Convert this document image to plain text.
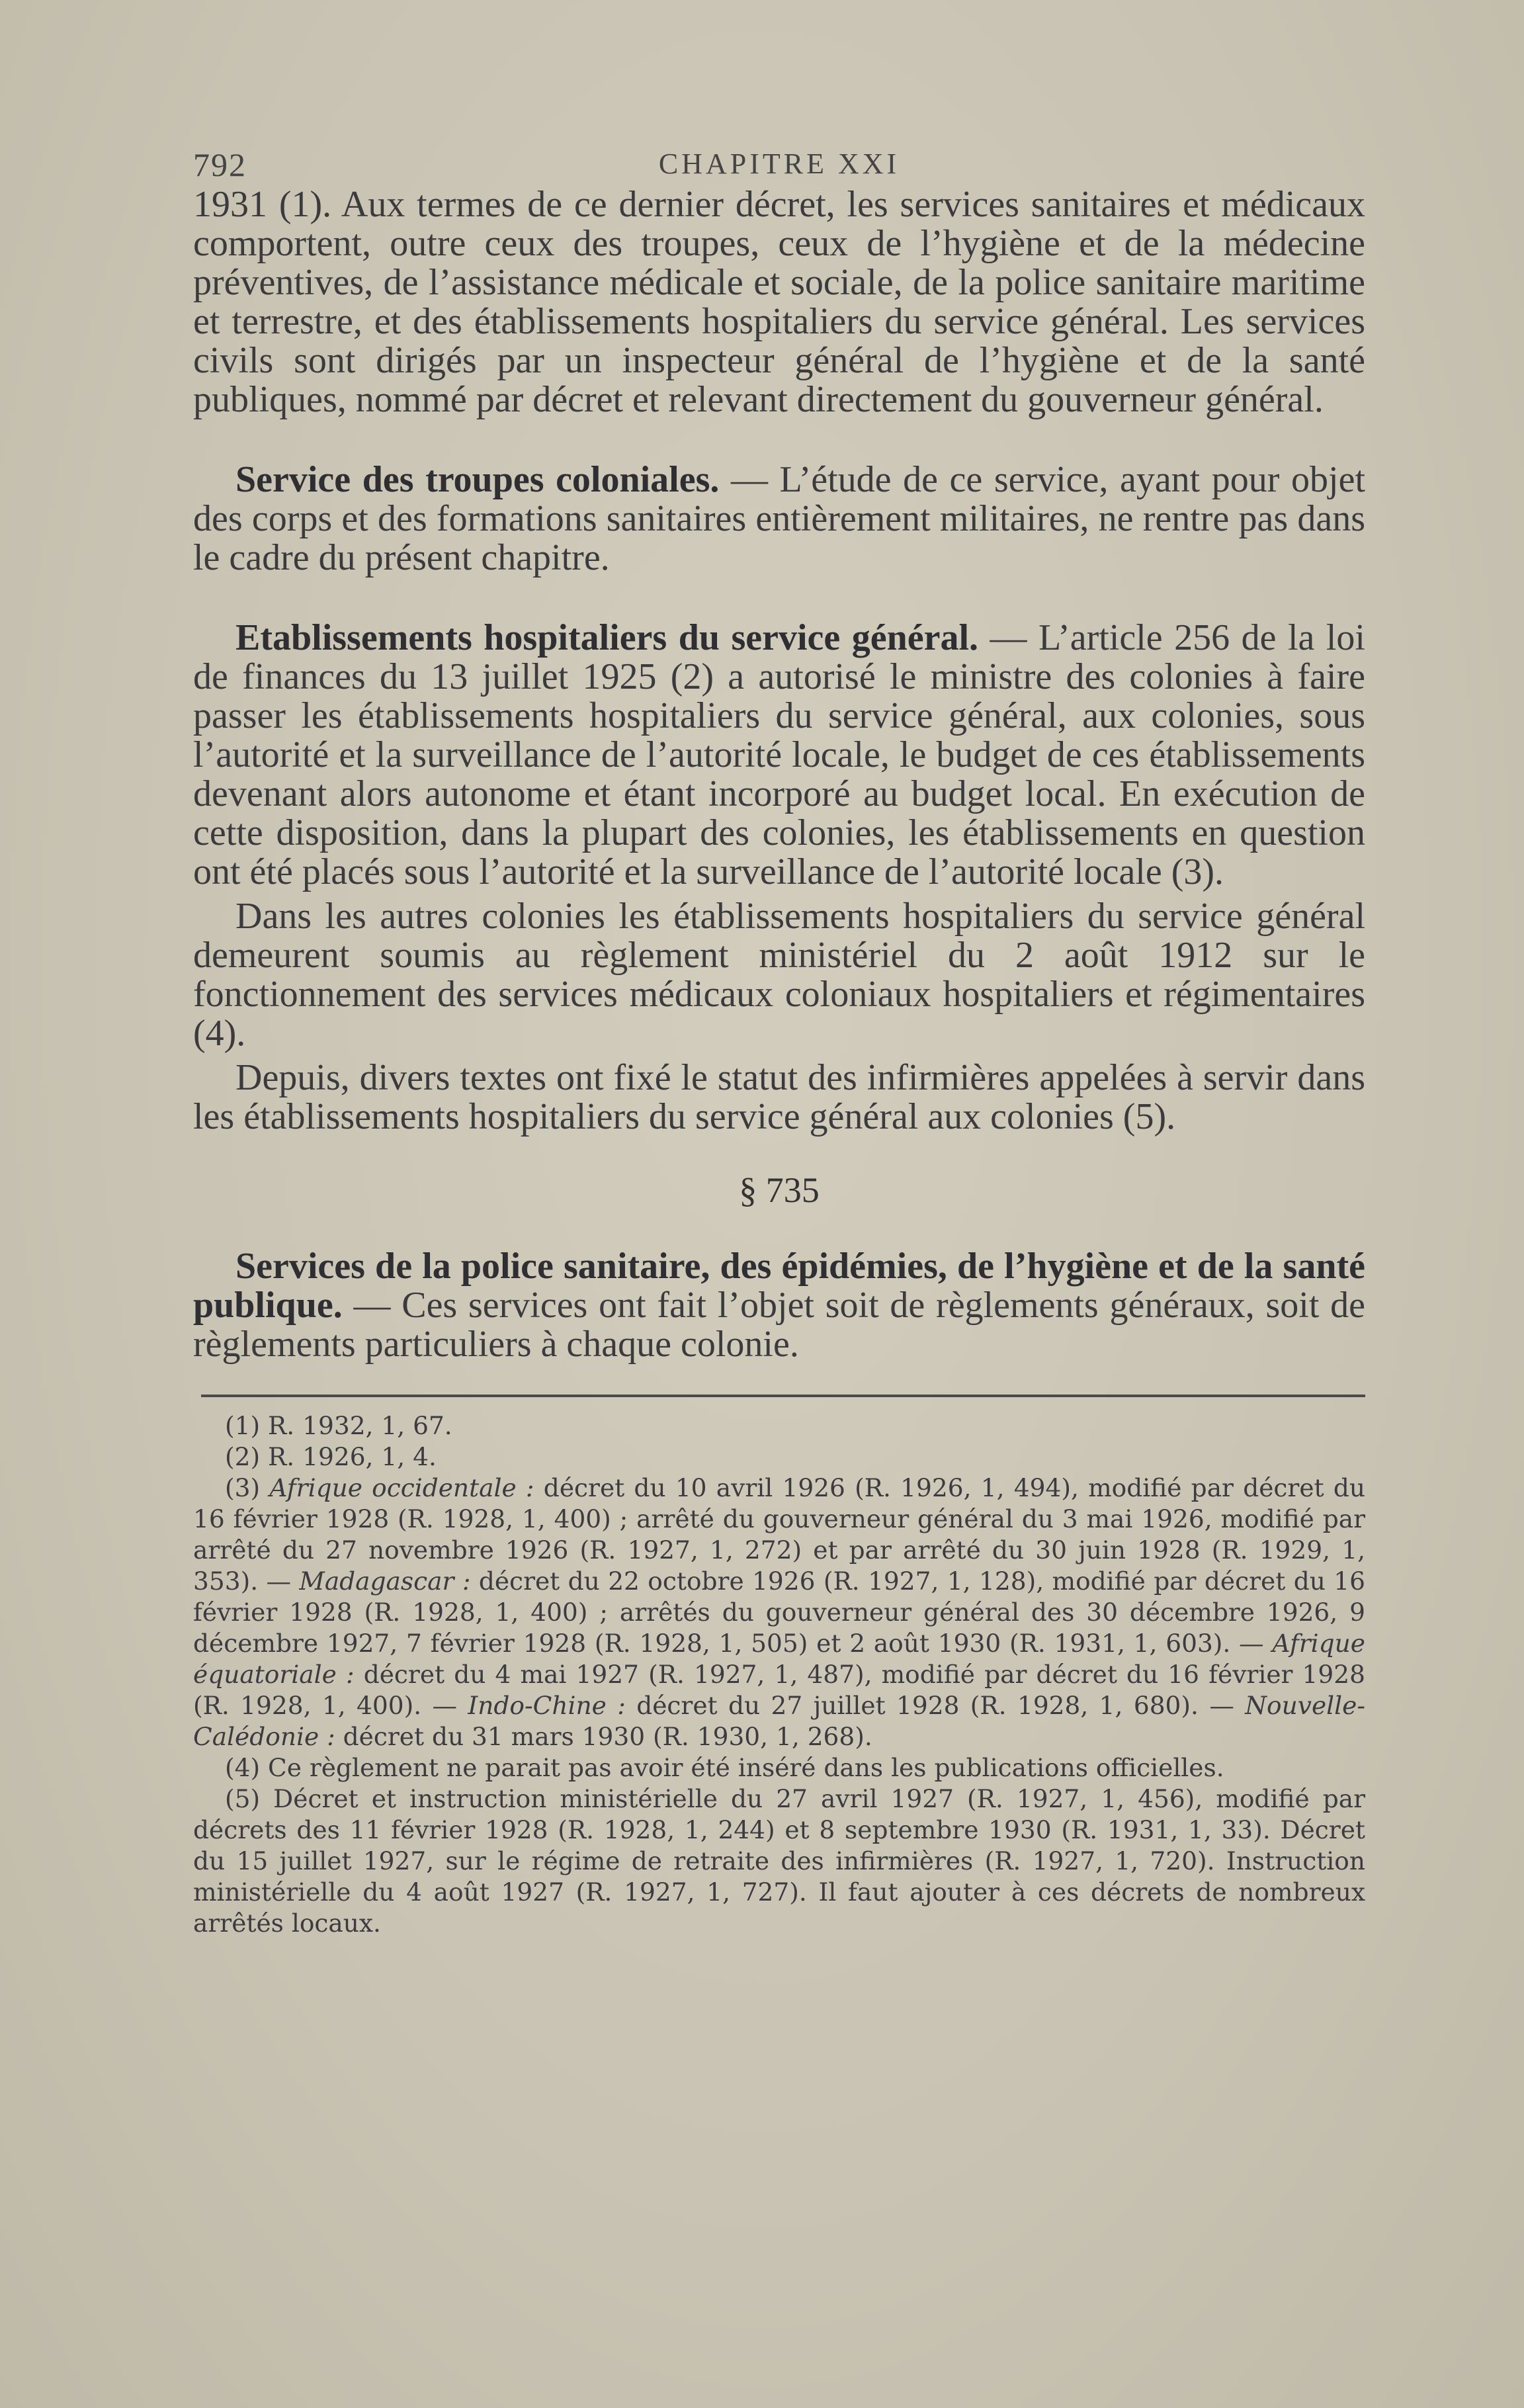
792	CHAPITRE XXI

1931 (1). Aux termes de ce dernier décret, les services sanitaires et médicaux comportent, outre ceux des troupes, ceux de l’hygiène et de la médecine préventives, de l’assistance médicale et sociale, de la police sanitaire maritime et terrestre, et des établissements hospitaliers du service général. Les services civils sont dirigés par un inspecteur général de l’hygiène et de la santé publiques, nommé par décret et relevant directement du gouverneur général.

Service des troupes coloniales. — L’étude de ce service, ayant pour objet des corps et des formations sanitaires entièrement militaires, ne rentre pas dans le cadre du présent chapitre.

Etablissements hospitaliers du service général. — L’article 256 de la loi de finances du 13 juillet 1925 (2) a autorisé le ministre des colonies à faire passer les établissements hospitaliers du service général, aux colonies, sous l’autorité et la surveillance de l’autorité locale, le budget de ces établissements devenant alors autonome et étant incorporé au budget local. En exécution de cette disposition, dans la plupart des colonies, les établissements en question ont été placés sous l’autorité et la surveillance de l’autorité locale (3).

Dans les autres colonies les établissements hospitaliers du service général demeurent soumis au règlement ministériel du 2 août 1912 sur le fonctionnement des services médicaux coloniaux hospitaliers et régimentaires (4).

Depuis, divers textes ont fixé le statut des infirmières appelées à servir dans les établissements hospitaliers du service général aux colonies (5).

§ 735

Services de la police sanitaire, des épidémies, de l’hygiène et de la santé publique. — Ces services ont fait l’objet soit de règlements généraux, soit de règlements particuliers à chaque colonie.

(1) R. 1932, 1, 67.

(2) R. 1926, 1, 4.

(3) Afrique occidentale : décret du 10 avril 1926 (R. 1926, 1, 494), modifié par décret du 16 février 1928 (R. 1928, 1, 400) ; arrêté du gouverneur général du 3 mai 1926, modifié par arrêté du 27 novembre 1926 (R. 1927, 1, 272) et par arrêté du 30 juin 1928 (R. 1929, 1, 353). — Madagascar : décret du 22 octobre 1926 (R. 1927, 1, 128), modifié par décret du 16 février 1928 (R. 1928, 1, 400) ; arrêtés du gouverneur général des 30 décembre 1926, 9 décembre 1927, 7 février 1928 (R. 1928, 1, 505) et 2 août 1930 (R. 1931, 1, 603). — Afrique équatoriale : décret du 4 mai 1927 (R. 1927, 1, 487), modifié par décret du 16 février 1928 (R. 1928, 1, 400). — Indo-Chine : décret du 27 juillet 1928 (R. 1928, 1, 680). — Nouvelle-Calédonie : décret du 31 mars 1930 (R. 1930, 1, 268).

(4) Ce règlement ne parait pas avoir été inséré dans les publications officielles.

(5) Décret et instruction ministérielle du 27 avril 1927 (R. 1927, 1, 456), modifié par décrets des 11 février 1928 (R. 1928, 1, 244) et 8 septembre 1930 (R. 1931, 1, 33). Décret du 15 juillet 1927, sur le régime de retraite des infirmières (R. 1927, 1, 720). Instruction ministérielle du 4 août 1927 (R. 1927, 1, 727). Il faut ajouter à ces décrets de nombreux arrêtés locaux.
